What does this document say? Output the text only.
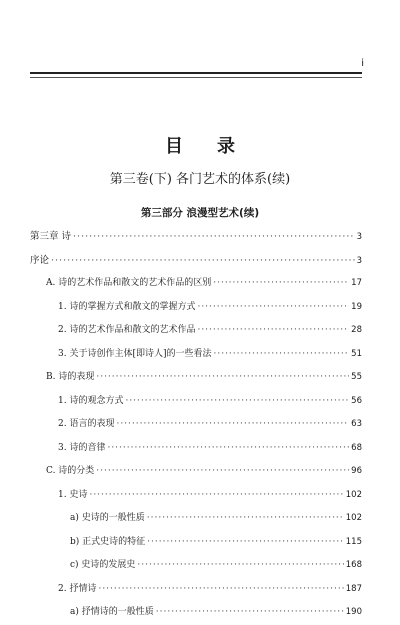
i
目录
第三卷(下) 各门艺术的体系(续)
第三部分 浪漫型艺术(续)
第三章 诗 ·····	3
序论 ·····	3
A. 诗的艺术作品和散文的艺术作品的区别 ·····	17
1. 诗的掌握方式和散文的掌握方式 ·····	19
2. 诗的艺术作品和散文的艺术作品 ·····	28
3. 关于诗创作主体[即诗人]的一些看法 ·····	51
B. 诗的表现 ·····	55
1. 诗的观念方式 ·····	56
2. 语言的表现 ·····	63
3. 诗的音律 ·····	68
C. 诗的分类 ·····	96
1. 史诗 ·····	102
a) 史诗的一般性质 ·····	102
b) 正式史诗的特征 ·····	115
c) 史诗的发展史 ·····	168
2. 抒情诗 ·····	187
a) 抒情诗的一般性质 ·····	190
